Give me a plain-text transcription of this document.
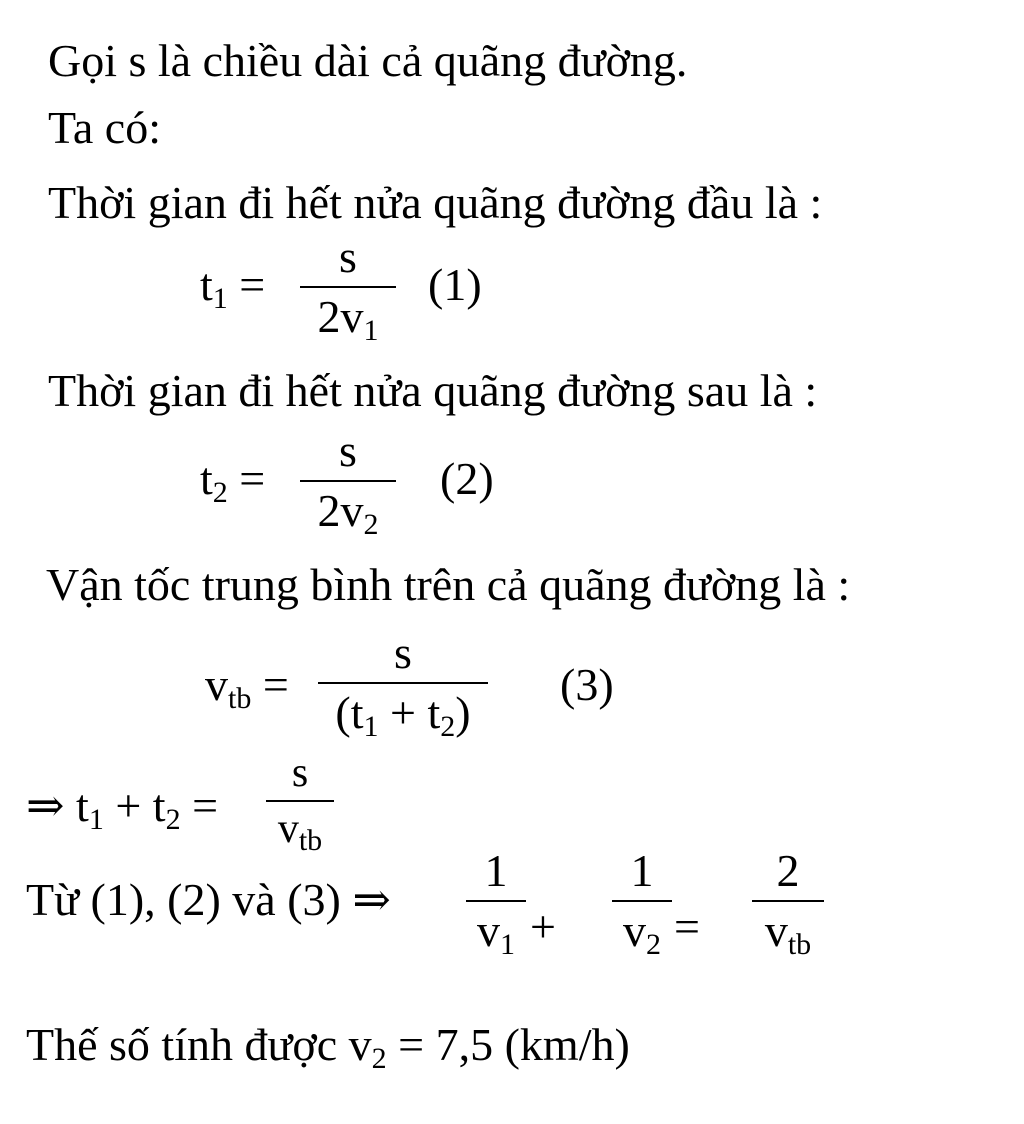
Gọi s là chiều dài cả quãng đường.
Ta có:
Thời gian đi hết nửa quãng đường đầu là :
$t_1$ =
s
$2v_1$
(1)
Thời gian đi hết nửa quãng đường sau là :
$t_2$ =
s
$2v_2$
(2)
Vận tốc trung bình trên cả quãng đường là :
$v_{tb}$ =
s
$(t_1 + t_2)$
(3)
⇒ $t_1 + t_2$ =
s
$v_{tb}$
Từ (1), (2) và (3) ⇒
1
$v_1$ +
1
$v_2$ =
2
$v_{tb}$
Thế số tính được $v_2 = 7,5$ (km/h)
